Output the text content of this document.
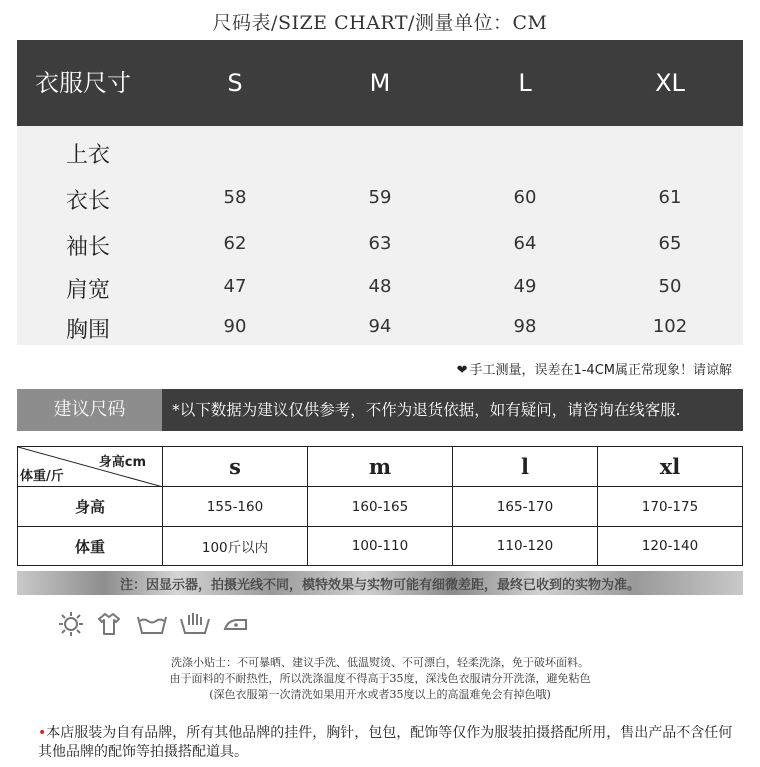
尺码表/SIZE CHART/测量单位：CM
衣服尺寸	S	M	L	XL
上衣
衣长	58	59	60	61
袖长	62	63	64	65
肩宽	47	48	49	50
胸围	90	94	98	102
❤ 手工测量，误差在1-4CM属正常现象！请谅解
建议尺码	*以下数据为建议仅供参考，不作为退货依据，如有疑问，请咨询在线客服.
身高cm
体重/斤	s	m	l	xl
身高	155-160	160-165	165-170	170-175
体重	100斤以内	100-110	110-120	120-140
注：因显示器，拍摄光线不同，模特效果与实物可能有细微差距，最终已收到的实物为准。

洗涤小贴士：不可暴晒、建议手洗、低温熨烫、不可漂白，轻柔洗涤，免于破坏面料。
由于面料的不耐热性，所以洗涤温度不得高于35度，深浅色衣服请分开洗涤，避免粘色
(深色衣服第一次清洗如果用开水或者35度以上的高温难免会有掉色哦)
•本店服装为自有品牌，所有其他品牌的挂件，胸针，包包，配饰等仅作为服装拍摄搭配所用，售出产品不含任何其他品牌的配饰等拍摄搭配道具。
